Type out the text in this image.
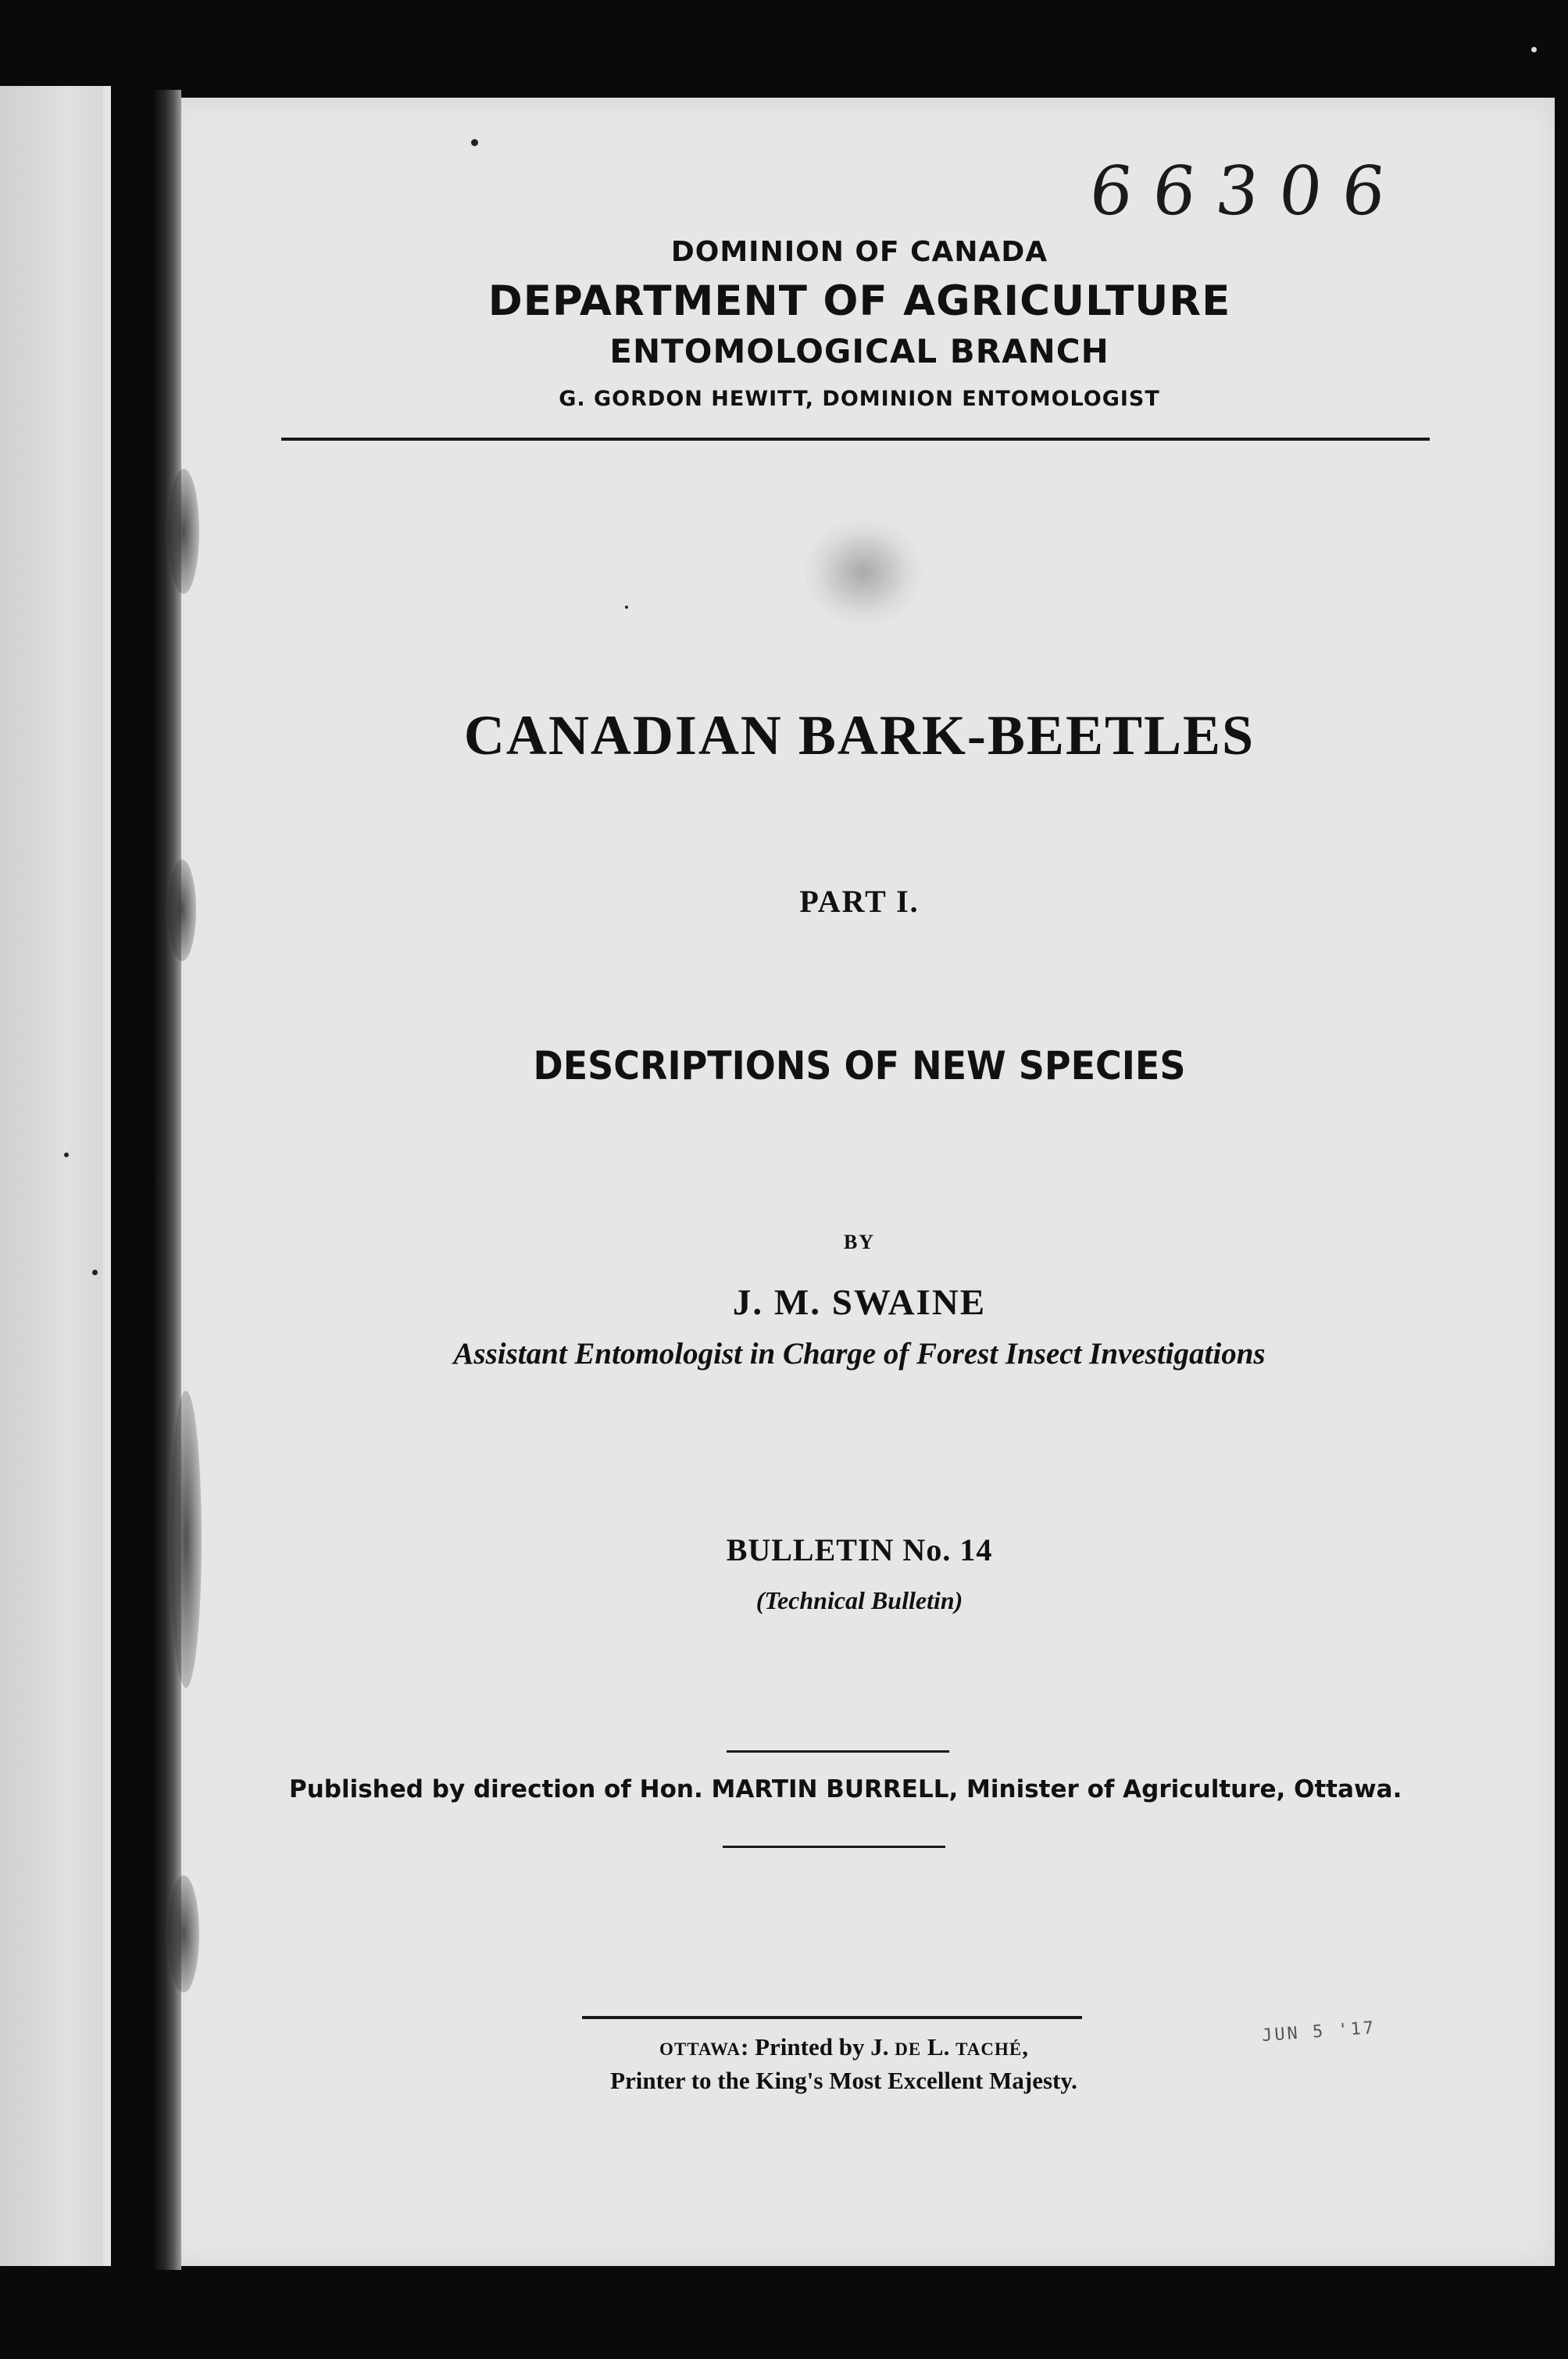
66306
DOMINION OF CANADA
DEPARTMENT OF AGRICULTURE
ENTOMOLOGICAL BRANCH
G. GORDON HEWITT, DOMINION ENTOMOLOGIST
CANADIAN BARK-BEETLES
PART I.
DESCRIPTIONS OF NEW SPECIES
BY
J. M. SWAINE
Assistant Entomologist in Charge of Forest Insect Investigations
BULLETIN No. 14
(Technical Bulletin)
Published by direction of Hon. MARTIN BURRELL, Minister of Agriculture, Ottawa.
OTTAWA: Printed by J. DE L. TACHÉ,
Printer to the King's Most Excellent Majesty.
JUN 5 '17
